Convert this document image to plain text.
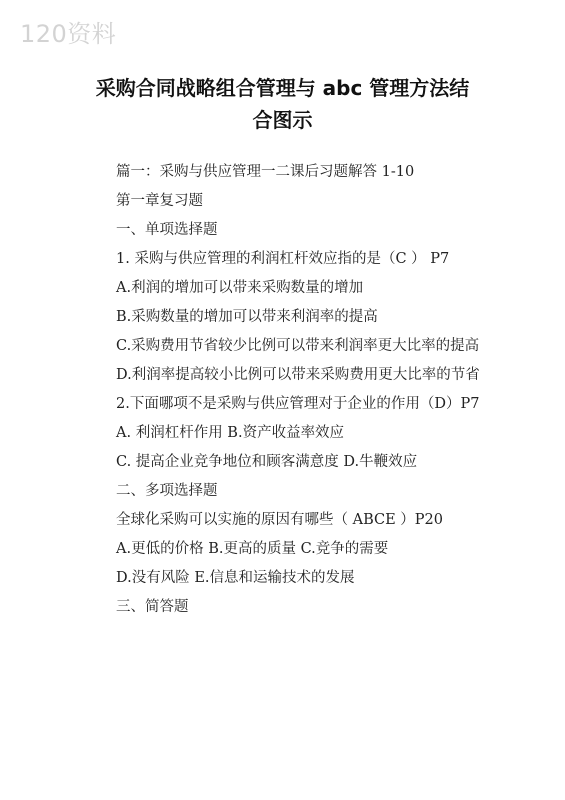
120资料
采购合同战略组合管理与 abc 管理方法结
合图示

篇一：采购与供应管理一二课后习题解答 1-10

第一章复习题

一、单项选择题

1. 采购与供应管理的利润杠杆效应指的是（C ） P7

A.利润的增加可以带来采购数量的增加

B.采购数量的增加可以带来利润率的提高

C.采购费用节省较少比例可以带来利润率更大比率的提高

D.利润率提高较小比例可以带来采购费用更大比率的节省

2.下面哪项不是采购与供应管理对于企业的作用（D）P7

A. 利润杠杆作用 B.资产收益率效应

C. 提高企业竞争地位和顾客满意度 D.牛鞭效应

二、多项选择题

全球化采购可以实施的原因有哪些（ ABCE ）P20

A.更低的价格 B.更高的质量 C.竞争的需要

D.没有风险 E.信息和运输技术的发展

三、简答题
